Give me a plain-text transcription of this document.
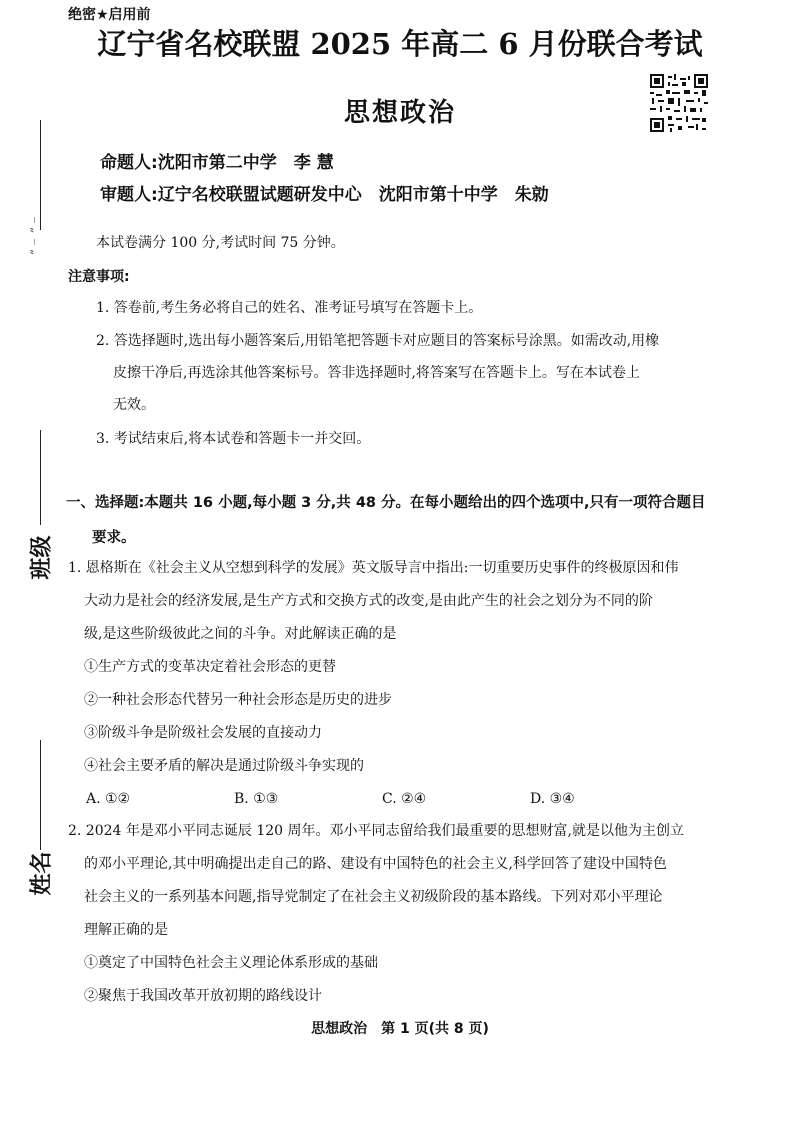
绝密★启用前
辽宁省名校联盟 2025 年高二 6 月份联合考试
思想政治
命题人:沈阳市第二中学　李 慧
审题人:辽宁名校联盟试题研发中心　沈阳市第十中学　朱勍
本试卷满分 100 分,考试时间 75 分钟。
注意事项:
1. 答卷前,考生务必将自己的姓名、准考证号填写在答题卡上。
2. 答选择题时,选出每小题答案后,用铅笔把答题卡对应题目的答案标号涂黑。如需改动,用橡
皮擦干净后,再选涂其他答案标号。答非选择题时,将答案写在答题卡上。写在本试卷上
无效。
3. 考试结束后,将本试卷和答题卡一并交回。
一、选择题:本题共 16 小题,每小题 3 分,共 48 分。在每小题给出的四个选项中,只有一项符合题目
要求。
1. 恩格斯在《社会主义从空想到科学的发展》英文版导言中指出:一切重要历史事件的终极原因和伟
大动力是社会的经济发展,是生产方式和交换方式的改变,是由此产生的社会之划分为不同的阶
级,是这些阶级彼此之间的斗争。对此解读正确的是
①生产方式的变革决定着社会形态的更替
②一种社会形态代替另一种社会形态是历史的进步
③阶级斗争是阶级社会发展的直接动力
④社会主要矛盾的解决是通过阶级斗争实现的
A. ①②	B. ①③	C. ②④	D. ③④
2. 2024 年是邓小平同志诞辰 120 周年。邓小平同志留给我们最重要的思想财富,就是以他为主创立
的邓小平理论,其中明确提出走自己的路、建设有中国特色的社会主义,科学回答了建设中国特色
社会主义的一系列基本问题,指导党制定了在社会主义初级阶段的基本路线。下列对邓小平理论
理解正确的是
①奠定了中国特色社会主义理论体系形成的基础
②聚焦于我国改革开放初期的路线设计
思想政治　第 1 页(共 8 页)
„ _
„ _
班级
姓名
